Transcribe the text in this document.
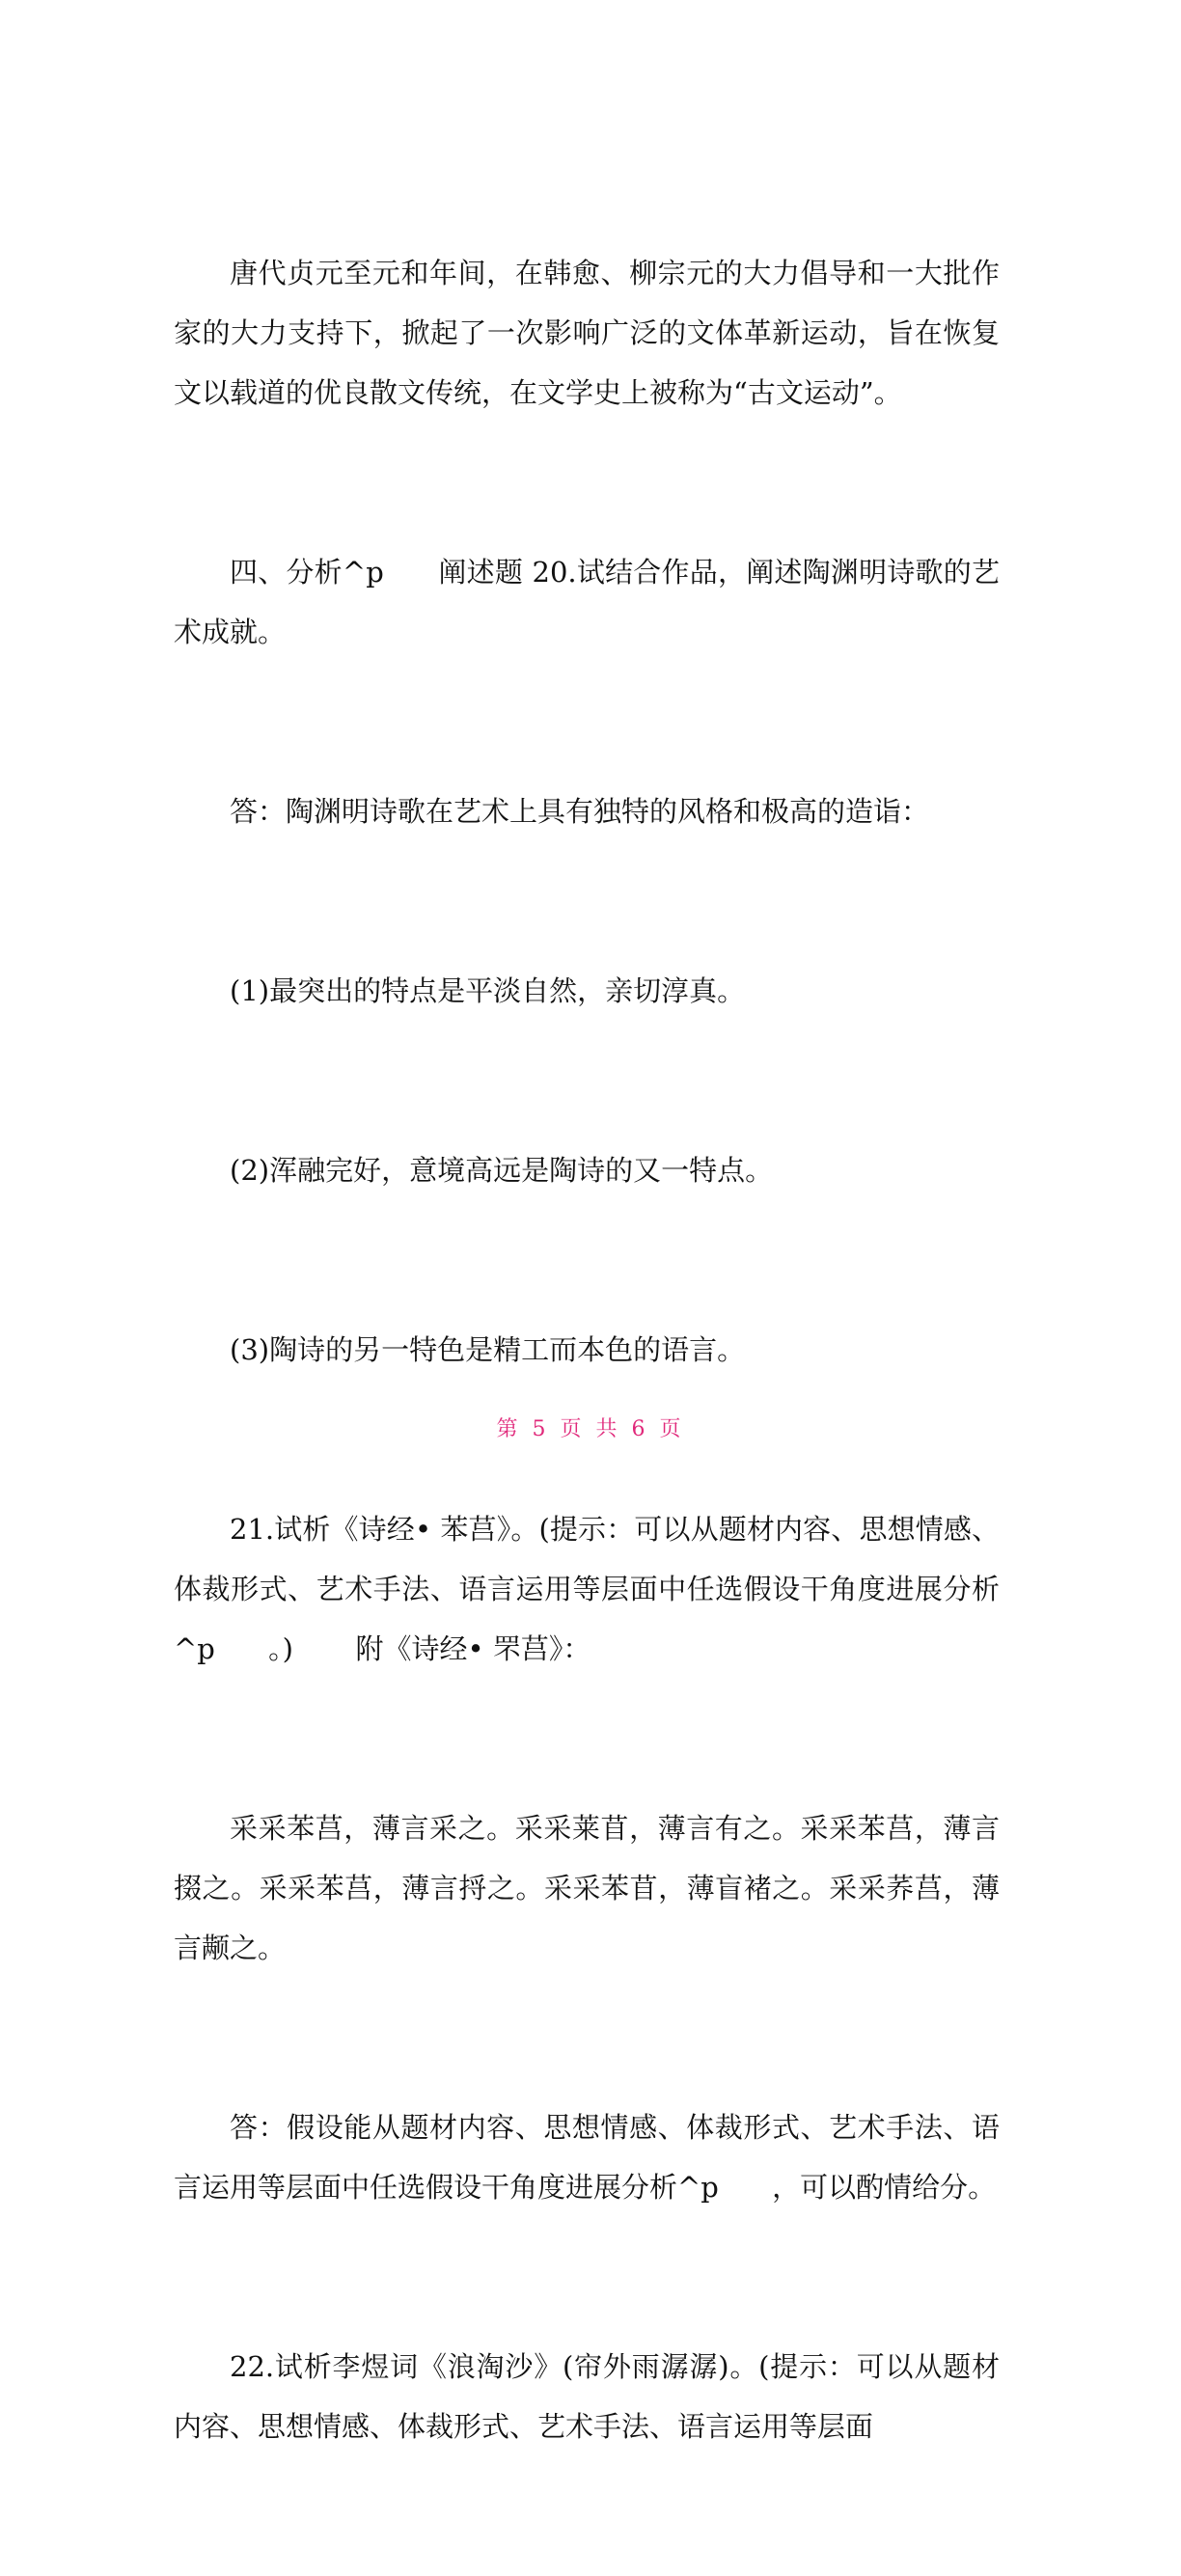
唐代贞元至元和年间，在韩愈、柳宗元的大力倡导和一大批作家的大力支持下，掀起了一次影响广泛的文体革新运动，旨在恢复文以载道的优良散文传统，在文学史上被称为“古文运动”。

四、分析^p      阐述题 20.试结合作品，阐述陶渊明诗歌的艺术成就。

答：陶渊明诗歌在艺术上具有独特的风格和极高的造诣：

(1)最突出的特点是平淡自然，亲切淳真。

(2)浑融完好，意境高远是陶诗的又一特点。

(3)陶诗的另一特色是精工而本色的语言。

21.试析《诗经• 苯莒》。(提示：可以从题材内容、思想情感、体裁形式、艺术手法、语言运用等层面中任选假设干角度进展分析^p      。)       附《诗经• 罘莒》：

采采苯莒，薄言采之。采采莱苜，薄言有之。采采苯莒，薄言掇之。采采苯莒，薄言捋之。采采苯苜，薄盲褚之。采采荞莒，薄言颟之。

答：假设能从题材内容、思想情感、体裁形式、艺术手法、语言运用等层面中任选假设干角度进展分析^p      ，可以酌情给分。

22.试析李煜词《浪淘沙》(帘外雨潺潺)。(提示：可以从题材内容、思想情感、体裁形式、艺术手法、语言运用等层面

第 5 页 共 6 页
